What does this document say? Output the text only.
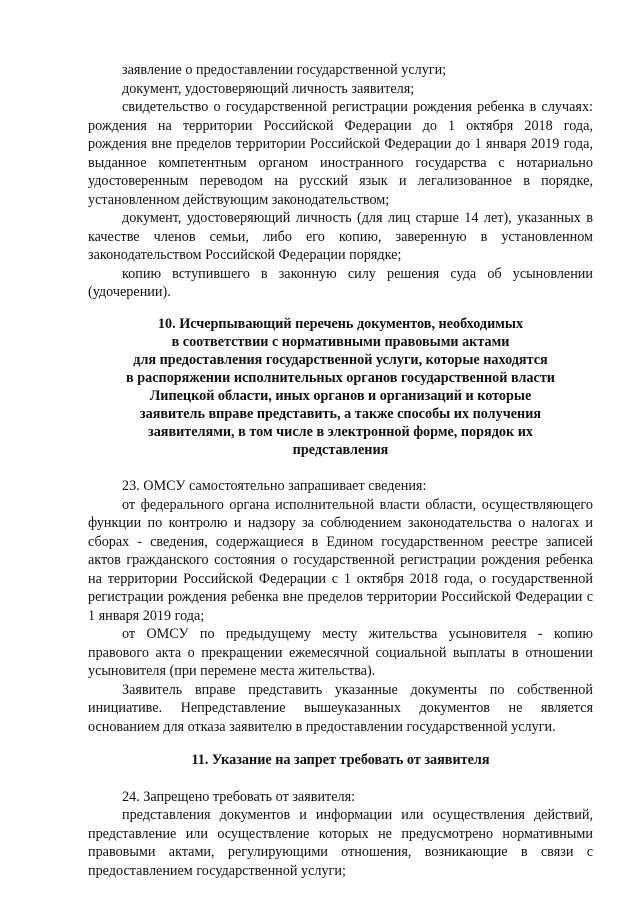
заявление о предоставлении государственной услуги;
документ, удостоверяющий личность заявителя;
свидетельство о государственной регистрации рождения ребенка в случаях:
рождения на территории Российской Федерации до 1 октября 2018 года,
рождения вне пределов территории Российской Федерации до 1 января 2019 года,
выданное компетентным органом иностранного государства с нотариально
удостоверенным переводом на русский язык и легализованное в порядке,
установленном действующим законодательством;
документ, удостоверяющий личность (для лиц старше 14 лет), указанных в
качестве членов семьи, либо его копию, заверенную в установленном
законодательством Российской Федерации порядке;
копию вступившего в законную силу решения суда об усыновлении
(удочерении).
10. Исчерпывающий перечень документов, необходимых
в соответствии с нормативными правовыми актами
для предоставления государственной услуги, которые находятся
в распоряжении исполнительных органов государственной власти
Липецкой области, иных органов и организаций и которые
заявитель вправе представить, а также способы их получения
заявителями, в том числе в электронной форме, порядок их
представления
23. ОМСУ самостоятельно запрашивает сведения:
от федерального органа исполнительной власти области, осуществляющего
функции по контролю и надзору за соблюдением законодательства о налогах и
сборах - сведения, содержащиеся в Едином государственном реестре записей
актов гражданского состояния о государственной регистрации рождения ребенка
на территории Российской Федерации с 1 октября 2018 года, о государственной
регистрации рождения ребенка вне пределов территории Российской Федерации с
1 января 2019 года;
от ОМСУ по предыдущему месту жительства усыновителя - копию
правового акта о прекращении ежемесячной социальной выплаты в отношении
усыновителя (при перемене места жительства).
Заявитель вправе представить указанные документы по собственной
инициативе. Непредставление вышеуказанных документов не является
основанием для отказа заявителю в предоставлении государственной услуги.
11. Указание на запрет требовать от заявителя
24. Запрещено требовать от заявителя:
представления документов и информации или осуществления действий,
представление или осуществление которых не предусмотрено нормативными
правовыми актами, регулирующими отношения, возникающие в связи с
предоставлением государственной услуги;
